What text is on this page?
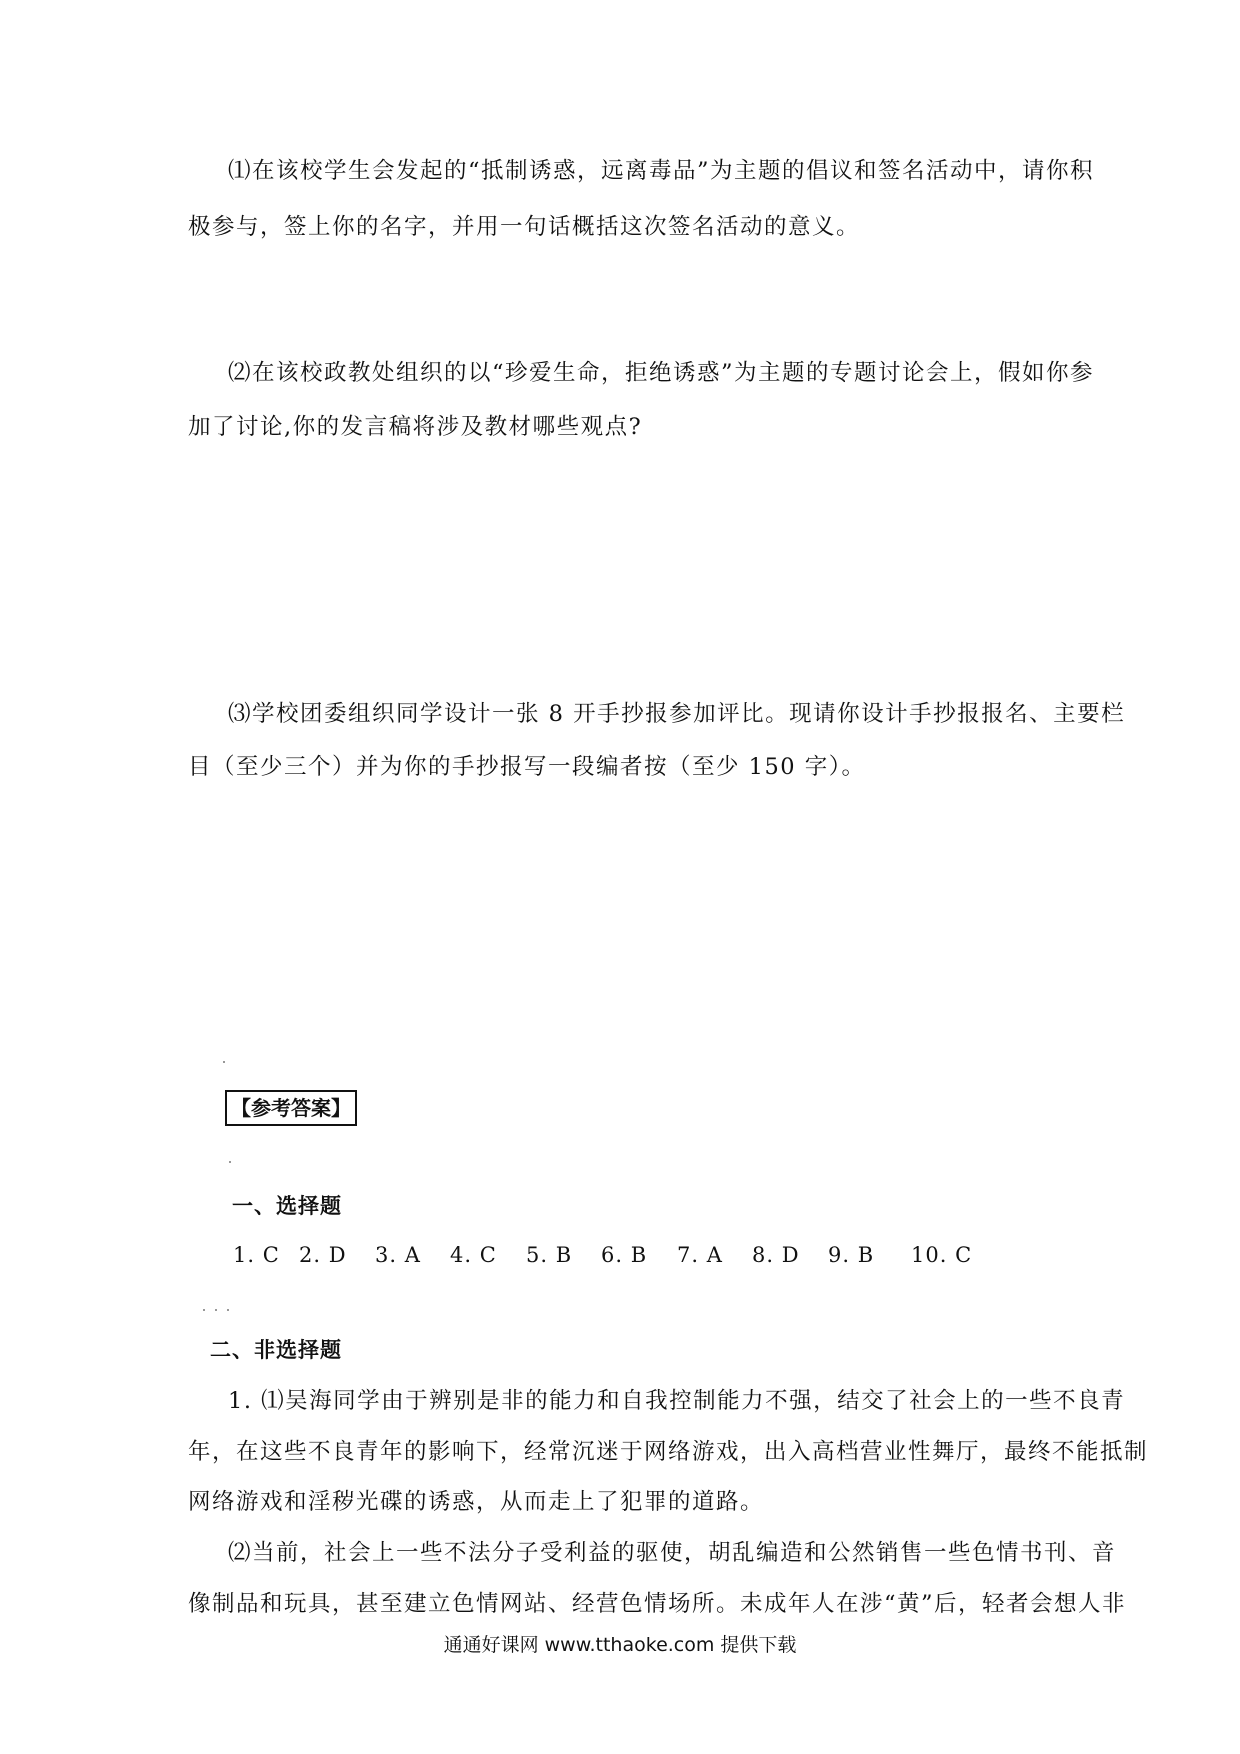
⑴在该校学生会发起的“抵制诱惑，远离毒品”为主题的倡议和签名活动中，请你积
极参与，签上你的名字，并用一句话概括这次签名活动的意义。
⑵在该校政教处组织的以“珍爱生命，拒绝诱惑”为主题的专题讨论会上，假如你参
加了讨论,你的发言稿将涉及教材哪些观点?
⑶学校团委组织同学设计一张 8 开手抄报参加评比。现请你设计手抄报报名、主要栏
目（至少三个）并为你的手抄报写一段编者按（至少 150 字）。
【参考答案】
一、选择题
1. C 2. D 3. A 4. C 5. B 6. B 7. A 8. D 9. B 10. C
二、非选择题
1. ⑴吴海同学由于辨别是非的能力和自我控制能力不强，结交了社会上的一些不良青
年，在这些不良青年的影响下，经常沉迷于网络游戏，出入高档营业性舞厅，最终不能抵制
网络游戏和淫秽光碟的诱惑，从而走上了犯罪的道路。
⑵当前，社会上一些不法分子受利益的驱使，胡乱编造和公然销售一些色情书刊、音
像制品和玩具，甚至建立色情网站、经营色情场所。未成年人在涉“黄”后，轻者会想人非
通通好课网 www.tthaoke.com 提供下载
